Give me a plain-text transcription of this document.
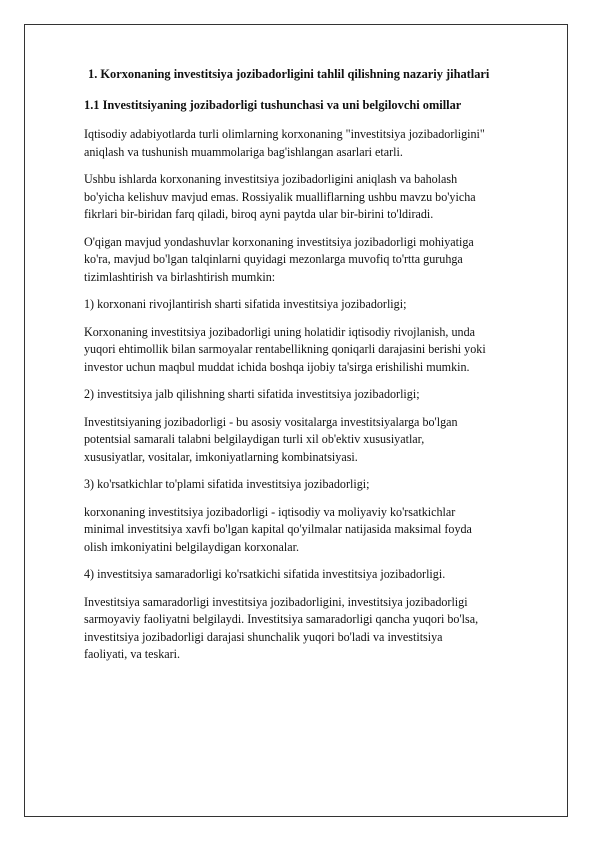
1. Korxonaning investitsiya jozibadorligini tahlil qilishning nazariy jihatlari
1.1 Investitsiyaning jozibadorligi tushunchasi va uni belgilovchi omillar
Iqtisodiy adabiyotlarda turli olimlarning korxonaning "investitsiya jozibadorligini"
aniqlash va tushunish muammolariga bag'ishlangan asarlari etarli.
Ushbu ishlarda korxonaning investitsiya jozibadorligini aniqlash va baholash
bo'yicha kelishuv mavjud emas. Rossiyalik mualliflarning ushbu mavzu bo'yicha
fikrlari bir-biridan farq qiladi, biroq ayni paytda ular bir-birini to'ldiradi.
O'qigan mavjud yondashuvlar korxonaning investitsiya jozibadorligi mohiyatiga
ko'ra, mavjud bo'lgan talqinlarni quyidagi mezonlarga muvofiq to'rtta guruhga
tizimlashtirish va birlashtirish mumkin:
1) korxonani rivojlantirish sharti sifatida investitsiya jozibadorligi;
Korxonaning investitsiya jozibadorligi uning holatidir iqtisodiy rivojlanish, unda
yuqori ehtimollik bilan sarmoyalar rentabellikning qoniqarli darajasini berishi yoki
investor uchun maqbul muddat ichida boshqa ijobiy ta'sirga erishilishi mumkin.
2) investitsiya jalb qilishning sharti sifatida investitsiya jozibadorligi;
Investitsiyaning jozibadorligi - bu asosiy vositalarga investitsiyalarga bo'lgan
potentsial samarali talabni belgilaydigan turli xil ob'ektiv xususiyatlar,
xususiyatlar, vositalar, imkoniyatlarning kombinatsiyasi.
3) ko'rsatkichlar to'plami sifatida investitsiya jozibadorligi;
korxonaning investitsiya jozibadorligi - iqtisodiy va moliyaviy ko'rsatkichlar
minimal investitsiya xavfi bo'lgan kapital qo'yilmalar natijasida maksimal foyda
olish imkoniyatini belgilaydigan korxonalar.
4) investitsiya samaradorligi ko'rsatkichi sifatida investitsiya jozibadorligi.
Investitsiya samaradorligi investitsiya jozibadorligini, investitsiya jozibadorligi
sarmoyaviy faoliyatni belgilaydi. Investitsiya samaradorligi qancha yuqori bo'lsa,
investitsiya jozibadorligi darajasi shunchalik yuqori bo'ladi va investitsiya
faoliyati, va teskari.
